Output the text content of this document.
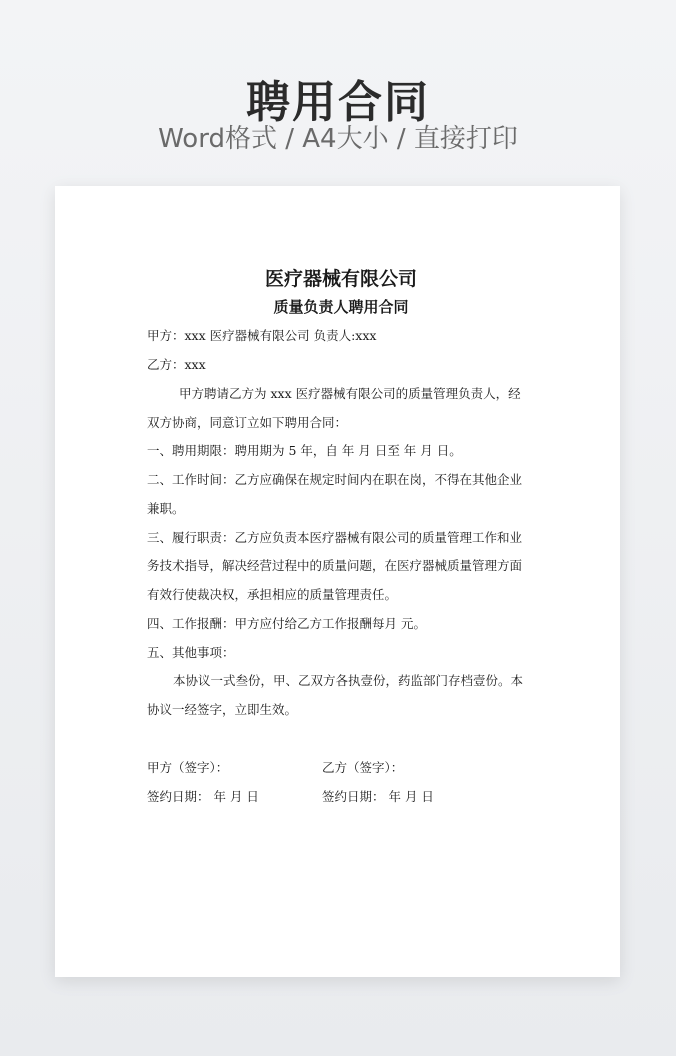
聘用合同
Word格式 / A4大小 / 直接打印
医疗器械有限公司
质量负责人聘用合同
甲方：xxx 医疗器械有限公司 负责人:xxx
乙方：xxx
甲方聘请乙方为 xxx 医疗器械有限公司的质量管理负责人，经
双方协商，同意订立如下聘用合同：
一、聘用期限：聘用期为 5 年，自 年 月 日至 年 月 日。
二、工作时间：乙方应确保在规定时间内在职在岗，不得在其他企业
兼职。
三、履行职责：乙方应负责本医疗器械有限公司的质量管理工作和业
务技术指导，解决经营过程中的质量问题，在医疗器械质量管理方面
有效行使裁决权，承担相应的质量管理责任。
四、工作报酬：甲方应付给乙方工作报酬每月 元。
五、其他事项：
本协议一式叁份，甲、乙双方各执壹份，药监部门存档壹份。本
协议一经签字，立即生效。
甲方（签字）：	乙方（签字）：
签约日期： 年 月 日	签约日期： 年 月 日
